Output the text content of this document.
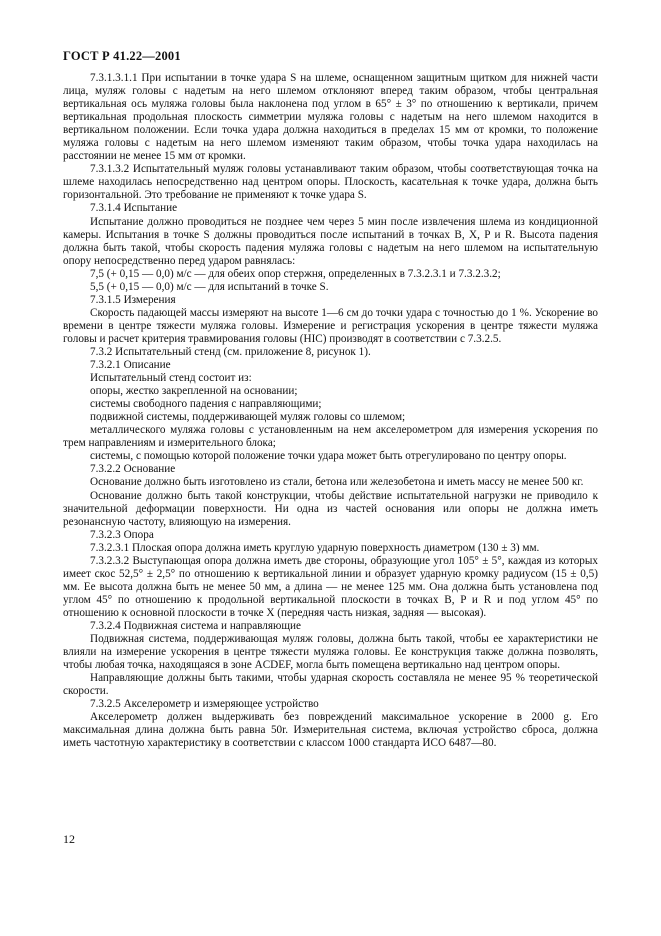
ГОСТ Р 41.22—2001

7.3.1.3.1.1 При испытании в точке удара S на шлеме, оснащенном защитным щитком для нижней части лица, муляж головы с надетым на него шлемом отклоняют вперед таким образом, чтобы центральная вертикальная ось муляжа головы была наклонена под углом в 65° ± 3° по отношению к вертикали, причем вертикальная продольная плоскость симметрии муляжа головы с надетым на него шлемом находится в вертикальном положении. Если точка удара должна находиться в пределах 15 мм от кромки, то положение муляжа головы с надетым на него шлемом изменяют таким образом, чтобы точка удара находилась на расстоянии не менее 15 мм от кромки.

7.3.1.3.2 Испытательный муляж головы устанавливают таким образом, чтобы соответствующая точка на шлеме находилась непосредственно над центром опоры. Плоскость, касательная к точке удара, должна быть горизонтальной. Это требование не применяют к точке удара S.

7.3.1.4 Испытание

Испытание должно проводиться не позднее чем через 5 мин после извлечения шлема из кондиционной камеры. Испытания в точке S должны проводиться после испытаний в точках B, X, P и R. Высота падения должна быть такой, чтобы скорость падения муляжа головы с надетым на него шлемом на испытательную опору непосредственно перед ударом равнялась:

7,5 (+ 0,15 — 0,0) м/с — для обеих опор стержня, определенных в 7.3.2.3.1 и 7.3.2.3.2;

5,5 (+ 0,15 — 0,0) м/с — для испытаний в точке S.

7.3.1.5 Измерения

Скорость падающей массы измеряют на высоте 1—6 см до точки удара с точностью до 1 %. Ускорение во времени в центре тяжести муляжа головы. Измерение и регистрация ускорения в центре тяжести муляжа головы и расчет критерия травмирования головы (HIC) производят в соответствии с 7.3.2.5.

7.3.2 Испытательный стенд (см. приложение 8, рисунок 1).

7.3.2.1 Описание

Испытательный стенд состоит из:

опоры, жестко закрепленной на основании;

системы свободного падения с направляющими;

подвижной системы, поддерживающей муляж головы со шлемом;

металлического муляжа головы с установленным на нем акселерометром для измерения ускорения по трем направлениям и измерительного блока;

системы, с помощью которой положение точки удара может быть отрегулировано по центру опоры.

7.3.2.2 Основание

Основание должно быть изготовлено из стали, бетона или железобетона и иметь массу не менее 500 кг.

Основание должно быть такой конструкции, чтобы действие испытательной нагрузки не приводило к значительной деформации поверхности. Ни одна из частей основания или опоры не должна иметь резонансную частоту, влияющую на измерения.

7.3.2.3 Опора

7.3.2.3.1 Плоская опора должна иметь круглую ударную поверхность диаметром (130 ± 3) мм.

7.3.2.3.2 Выступающая опора должна иметь две стороны, образующие угол 105° ± 5°, каждая из которых имеет скос 52,5° ± 2,5° по отношению к вертикальной линии и образует ударную кромку радиусом (15 ± 0,5) мм. Ее высота должна быть не менее 50 мм, а длина — не менее 125 мм. Она должна быть установлена под углом 45° по отношению к продольной вертикальной плоскости в точках B, P и R и под углом 45° по отношению к основной плоскости в точке X (передняя часть низкая, задняя — высокая).

7.3.2.4 Подвижная система и направляющие

Подвижная система, поддерживающая муляж головы, должна быть такой, чтобы ее характеристики не влияли на измерение ускорения в центре тяжести муляжа головы. Ее конструкция также должна позволять, чтобы любая точка, находящаяся в зоне ACDEF, могла быть помещена вертикально над центром опоры.

Направляющие должны быть такими, чтобы ударная скорость составляла не менее 95 % теоретической скорости.

7.3.2.5 Акселерометр и измеряющее устройство

Акселерометр должен выдерживать без повреждений максимальное ускорение в 2000 g. Его максимальная длина должна быть равна 50r. Измерительная система, включая устройство сброса, должна иметь частотную характеристику в соответствии с классом 1000 стандарта ИСО 6487—80.

12
